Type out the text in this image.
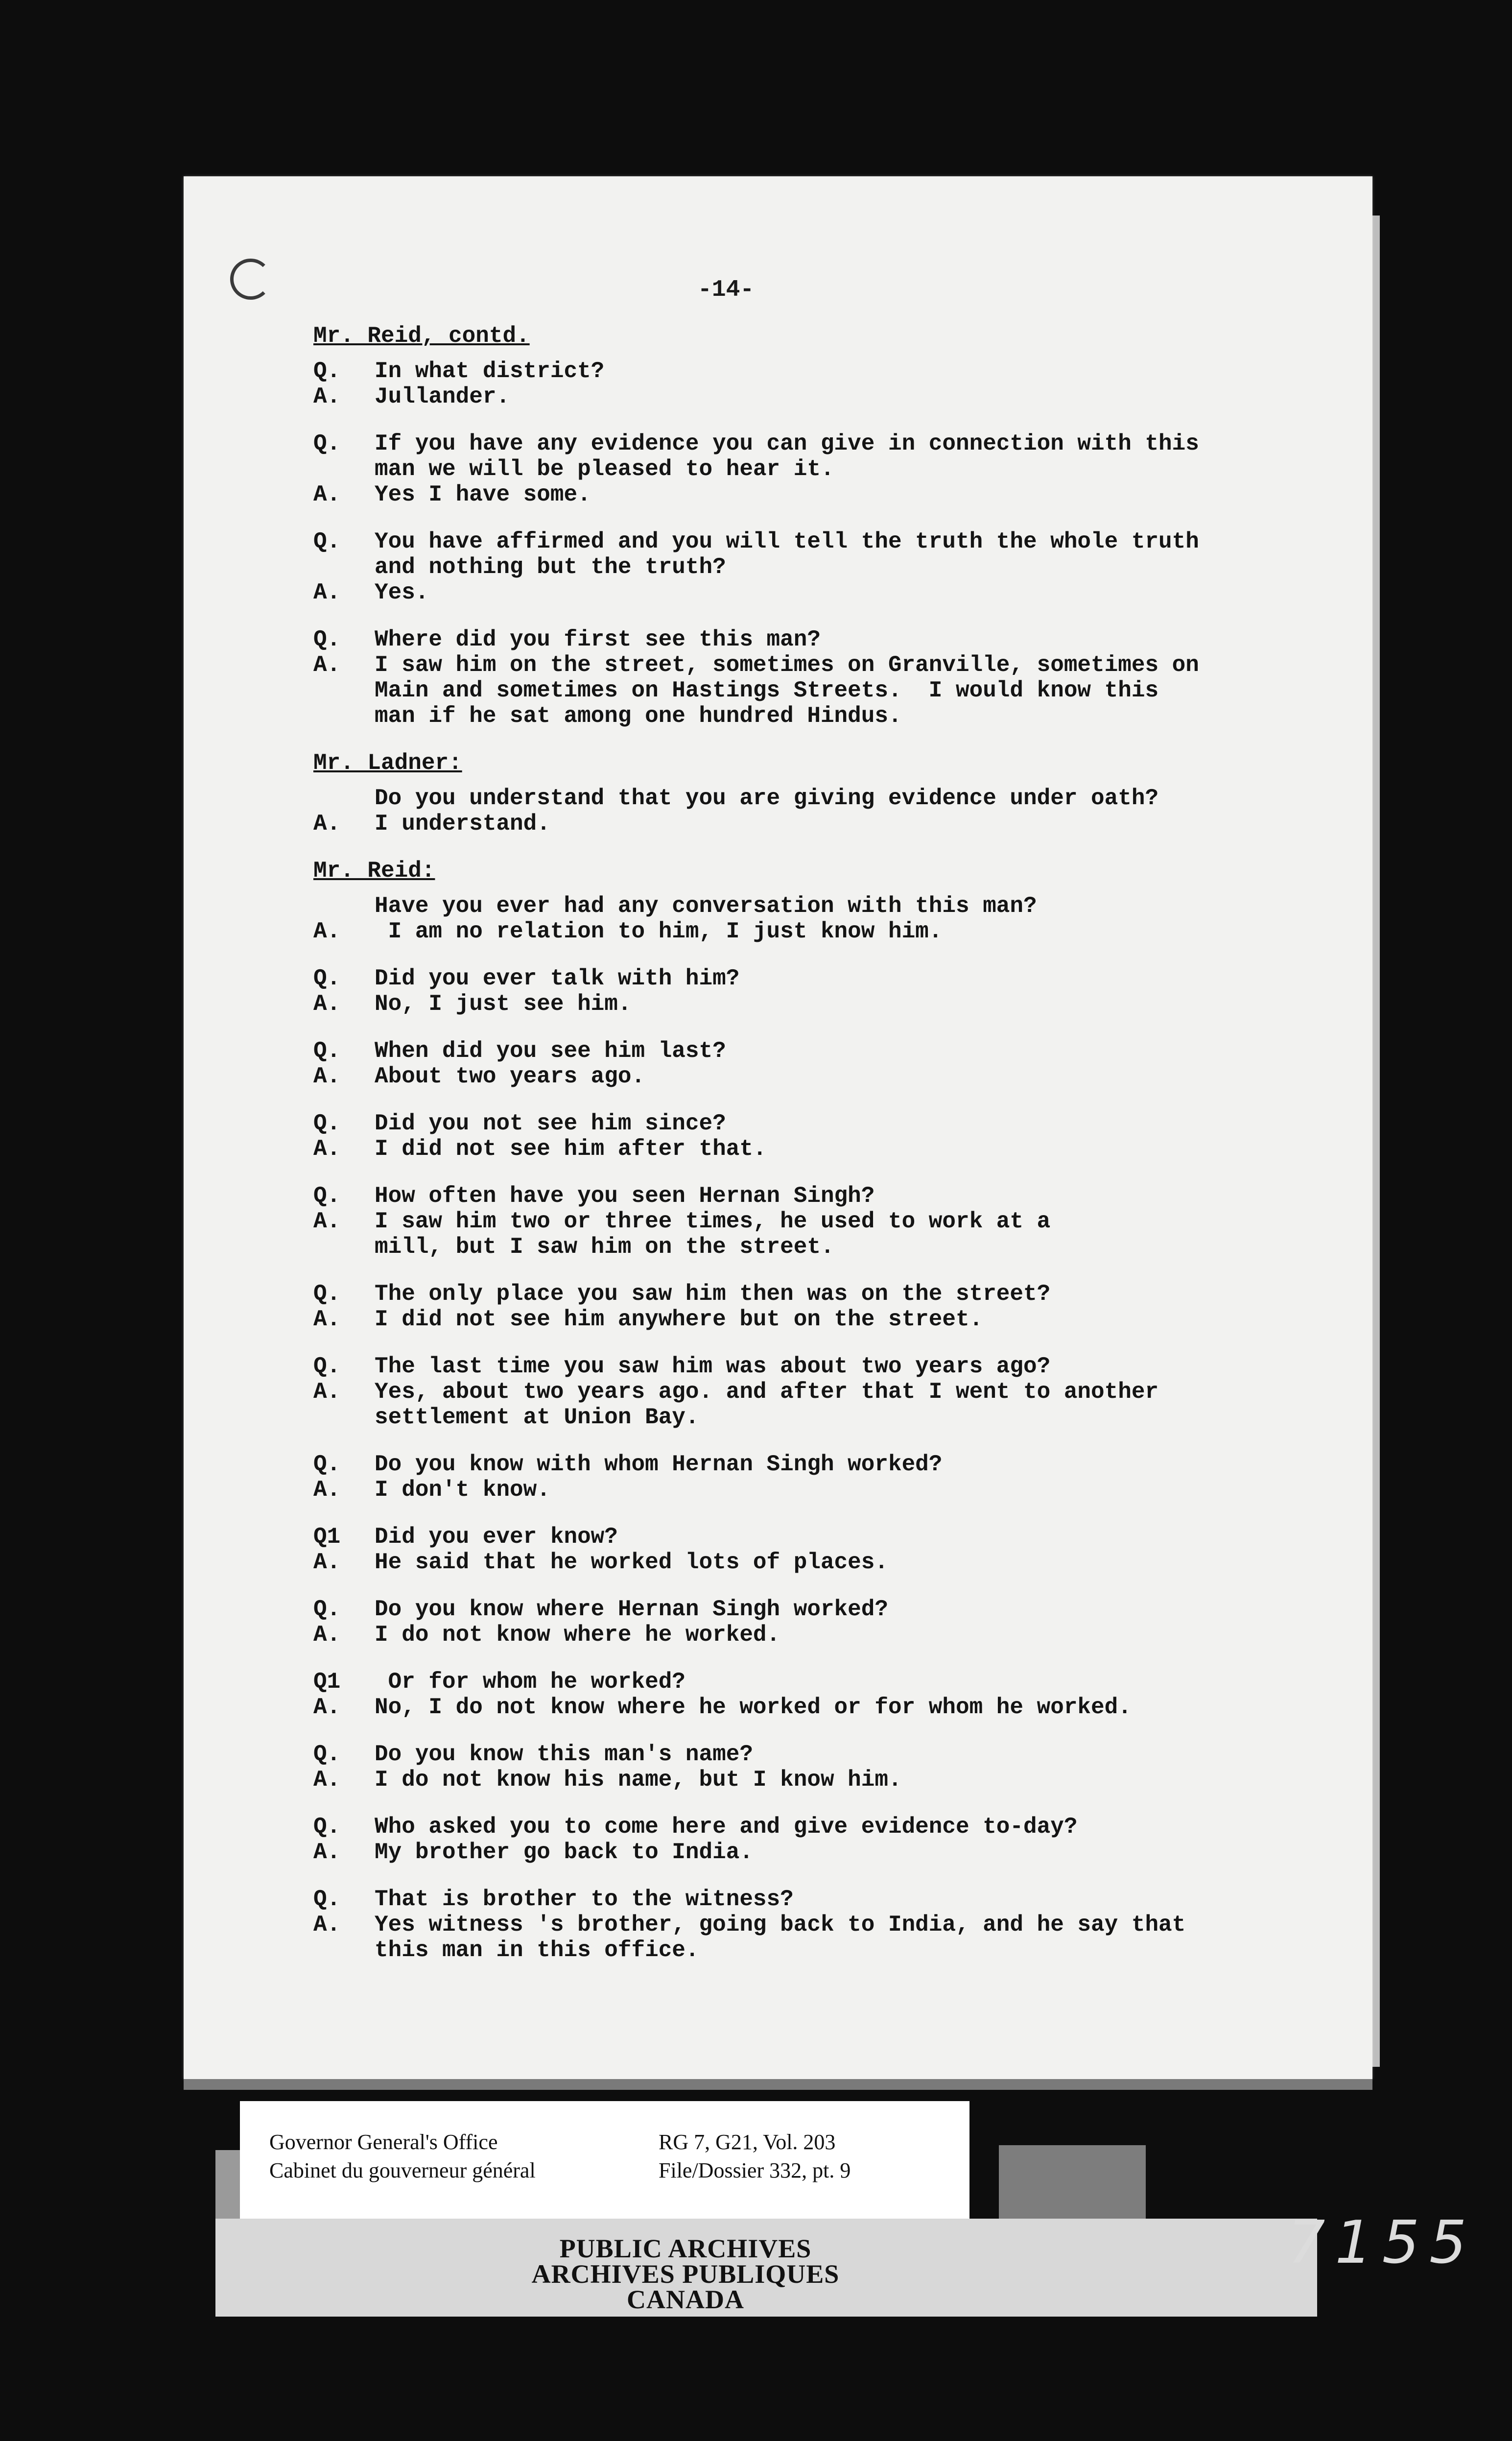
-14-
Mr. Reid, contd.
Q.	In what district?
A.	Jullander.
Q.	If you have any evidence you can give in connection with this
man we will be pleased to hear it.
A.	Yes I have some.
Q.	You have affirmed and you will tell the truth the whole truth
and nothing but the truth?
A.	Yes.
Q.	Where did you first see this man?
A.	I saw him on the street, sometimes on Granville, sometimes on
Main and sometimes on Hastings Streets.  I would know this
man if he sat among one hundred Hindus.
Mr. Ladner:
Do you understand that you are giving evidence under oath?
A.	I understand.
Mr. Reid:
Have you ever had any conversation with this man?
A.	I am no relation to him, I just know him.
Q.	Did you ever talk with him?
A.	No, I just see him.
Q.	When did you see him last?
A.	About two years ago.
Q.	Did you not see him since?
A.	I did not see him after that.
Q.	How often have you seen Hernan Singh?
A.	I saw him two or three times, he used to work at a
mill, but I saw him on the street.
Q.	The only place you saw him then was on the street?
A.	I did not see him anywhere but on the street.
Q.	The last time you saw him was about two years ago?
A.	Yes, about two years ago. and after that I went to another
settlement at Union Bay.
Q.	Do you know with whom Hernan Singh worked?
A.	I don't know.
Q1	Did you ever know?
A.	He said that he worked lots of places.
Q.	Do you know where Hernan Singh worked?
A.	I do not know where he worked.
Q1	Or for whom he worked?
A.	No, I do not know where he worked or for whom he worked.
Q.	Do you know this man's name?
A.	I do not know his name, but I know him.
Q.	Who asked you to come here and give evidence to-day?
A.	My brother go back to India.
Q.	That is brother to the witness?
A.	Yes witness 's brother, going back to India, and he say that
this man in this office.
Governor General's Office
Cabinet du gouverneur général
RG 7, G21, Vol. 203
File/Dossier 332, pt. 9
PUBLIC ARCHIVES
ARCHIVES PUBLIQUES
CANADA
7155
